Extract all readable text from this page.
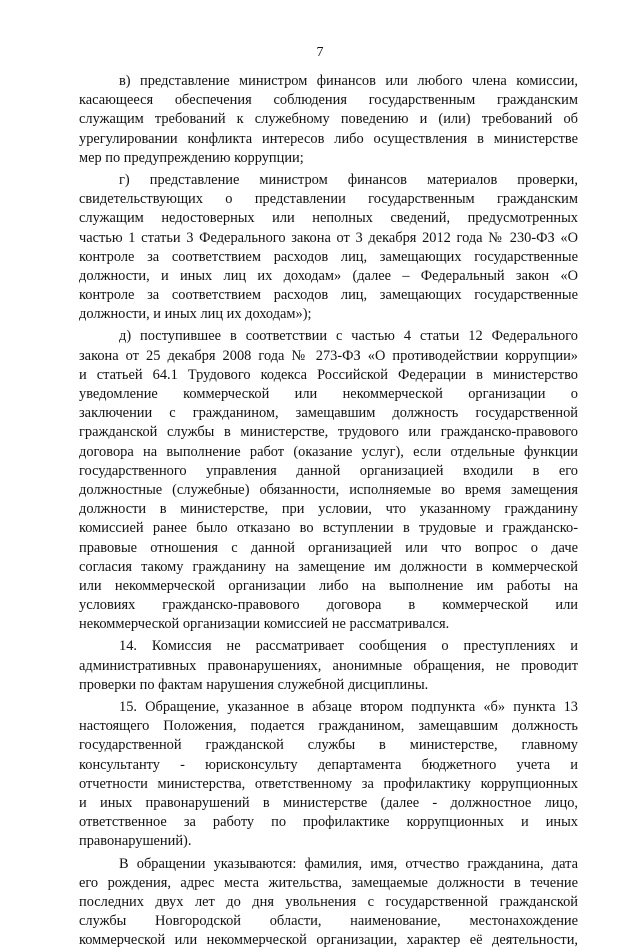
7
в) представление министром финансов или любого члена комиссии,
касающееся обеспечения соблюдения государственным гражданским
служащим требований к служебному поведению и (или) требований об
урегулировании конфликта интересов либо осуществления в министерстве
мер по предупреждению коррупции;
г) представление министром финансов материалов проверки,
свидетельствующих о представлении государственным гражданским
служащим недостоверных или неполных сведений, предусмотренных
частью 1 статьи 3 Федерального закона от 3 декабря 2012 года № 230-ФЗ «О
контроле за соответствием расходов лиц, замещающих государственные
должности, и иных лиц их доходам» (далее – Федеральный закон «О
контроле за соответствием расходов лиц, замещающих государственные
должности, и иных лиц их доходам»);
д) поступившее в соответствии с частью 4 статьи 12 Федерального
закона от 25 декабря 2008 года № 273-ФЗ «О противодействии коррупции»
и статьей 64.1 Трудового кодекса Российской Федерации в министерство
уведомление коммерческой или некоммерческой организации о
заключении с гражданином, замещавшим должность государственной
гражданской службы в министерстве, трудового или гражданско-правового
договора на выполнение работ (оказание услуг), если отдельные функции
государственного управления данной организацией входили в его
должностные (служебные) обязанности, исполняемые во время замещения
должности в министерстве, при условии, что указанному гражданину
комиссией ранее было отказано во вступлении в трудовые и гражданско-
правовые отношения с данной организацией или что вопрос о даче
согласия такому гражданину на замещение им должности в коммерческой
или некоммерческой организации либо на выполнение им работы на
условиях гражданско-правового договора в коммерческой или
некоммерческой организации комиссией не рассматривался.
14. Комиссия не рассматривает сообщения о преступлениях и
административных правонарушениях, анонимные обращения, не проводит
проверки по фактам нарушения служебной дисциплины.
15. Обращение, указанное в абзаце втором подпункта «б» пункта 13
настоящего Положения, подается гражданином, замещавшим должность
государственной гражданской службы в министерстве, главному
консультанту - юрисконсульту департамента бюджетного учета и
отчетности министерства, ответственному за профилактику коррупционных
и иных правонарушений в министерстве (далее - должностное лицо,
ответственное за работу по профилактике коррупционных и иных
правонарушений).
В обращении указываются: фамилия, имя, отчество гражданина, дата
его рождения, адрес места жительства, замещаемые должности в течение
последних двух лет до дня увольнения с государственной гражданской
службы Новгородской области, наименование, местонахождение
коммерческой или некоммерческой организации, характер её деятельности,
